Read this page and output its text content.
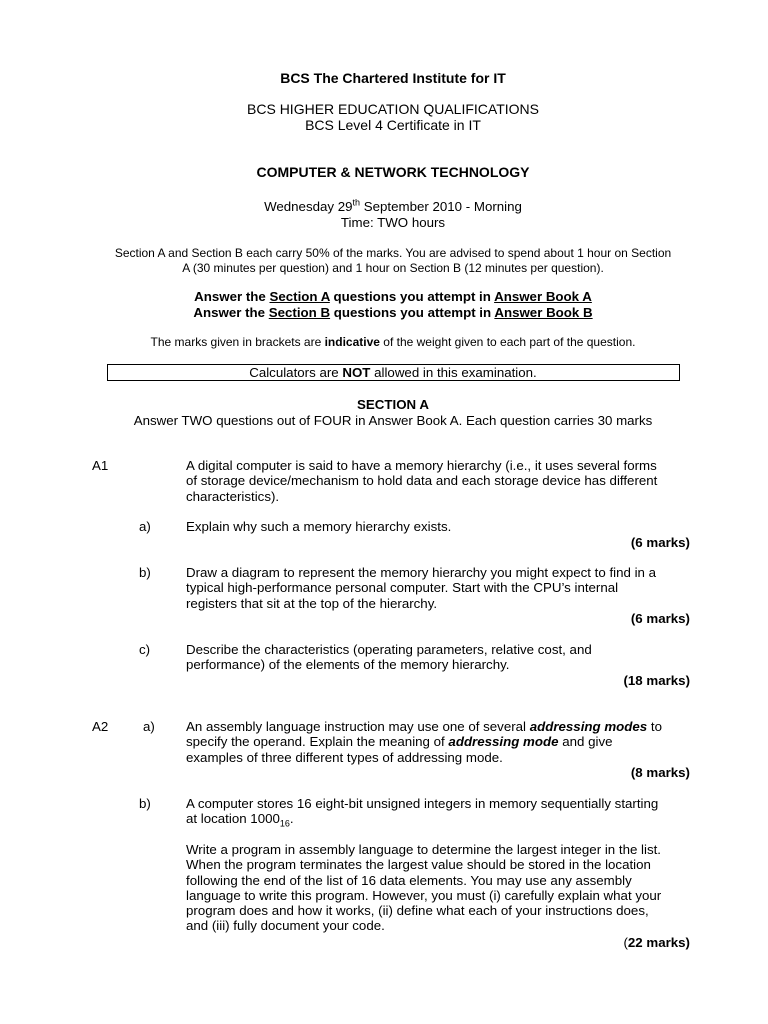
BCS The Chartered Institute for IT
BCS HIGHER EDUCATION QUALIFICATIONS
BCS Level 4 Certificate in IT
COMPUTER & NETWORK TECHNOLOGY
Wednesday 29th September 2010 - Morning
Time: TWO hours
Section A and Section B each carry 50% of the marks. You are advised to spend about 1 hour on Section
A (30 minutes per question) and 1 hour on Section B (12 minutes per question).
Answer the Section A questions you attempt in Answer Book A
Answer the Section B questions you attempt in Answer Book B
The marks given in brackets are indicative of the weight given to each part of the question.
Calculators are NOT allowed in this examination.
SECTION A
Answer TWO questions out of FOUR in Answer Book A. Each question carries 30 marks
A1	A digital computer is said to have a memory hierarchy (i.e., it uses several forms
of storage device/mechanism to hold data and each storage device has different
characteristics).
a)	Explain why such a memory hierarchy exists.
(6 marks)
b)	Draw a diagram to represent the memory hierarchy you might expect to find in a
typical high-performance personal computer. Start with the CPU’s internal
registers that sit at the top of the hierarchy.
(6 marks)
c)	Describe the characteristics (operating parameters, relative cost, and
performance) of the elements of the memory hierarchy.
(18 marks)
A2	a) An assembly language instruction may use one of several addressing modes to
specify the operand. Explain the meaning of addressing mode and give
examples of three different types of addressing mode.
(8 marks)
b)	A computer stores 16 eight-bit unsigned integers in memory sequentially starting
at location $1000_{16}$.
Write a program in assembly language to determine the largest integer in the list.
When the program terminates the largest value should be stored in the location
following the end of the list of 16 data elements. You may use any assembly
language to write this program. However, you must (i) carefully explain what your
program does and how it works, (ii) define what each of your instructions does,
and (iii) fully document your code.
(22 marks)
